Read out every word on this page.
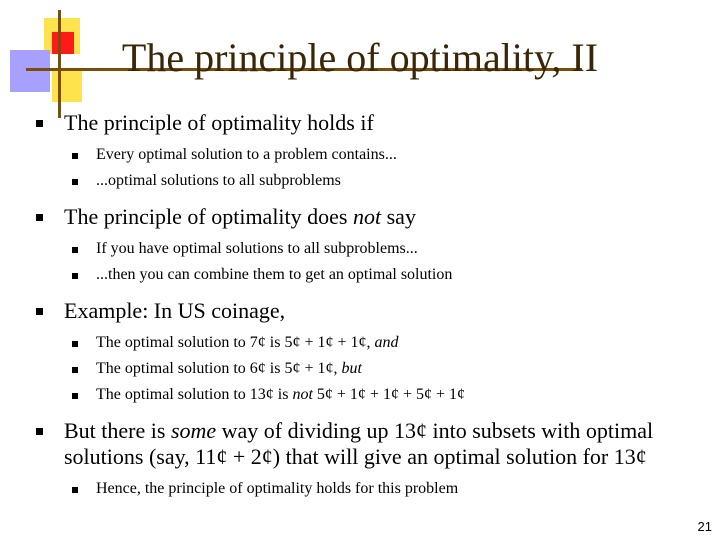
The principle of optimality, II
The principle of optimality holds if
Every optimal solution to a problem contains...
...optimal solutions to all subproblems
The principle of optimality does not say
If you have optimal solutions to all subproblems...
...then you can combine them to get an optimal solution
Example: In US coinage,
The optimal solution to 7¢ is 5¢ + 1¢ + 1¢, and
The optimal solution to 6¢ is 5¢ + 1¢, but
The optimal solution to 13¢ is not 5¢ + 1¢ + 1¢ + 5¢ + 1¢
But there is some way of dividing up 13¢ into subsets with optimal solutions (say, 11¢ + 2¢) that will give an optimal solution for 13¢
Hence, the principle of optimality holds for this problem
21
